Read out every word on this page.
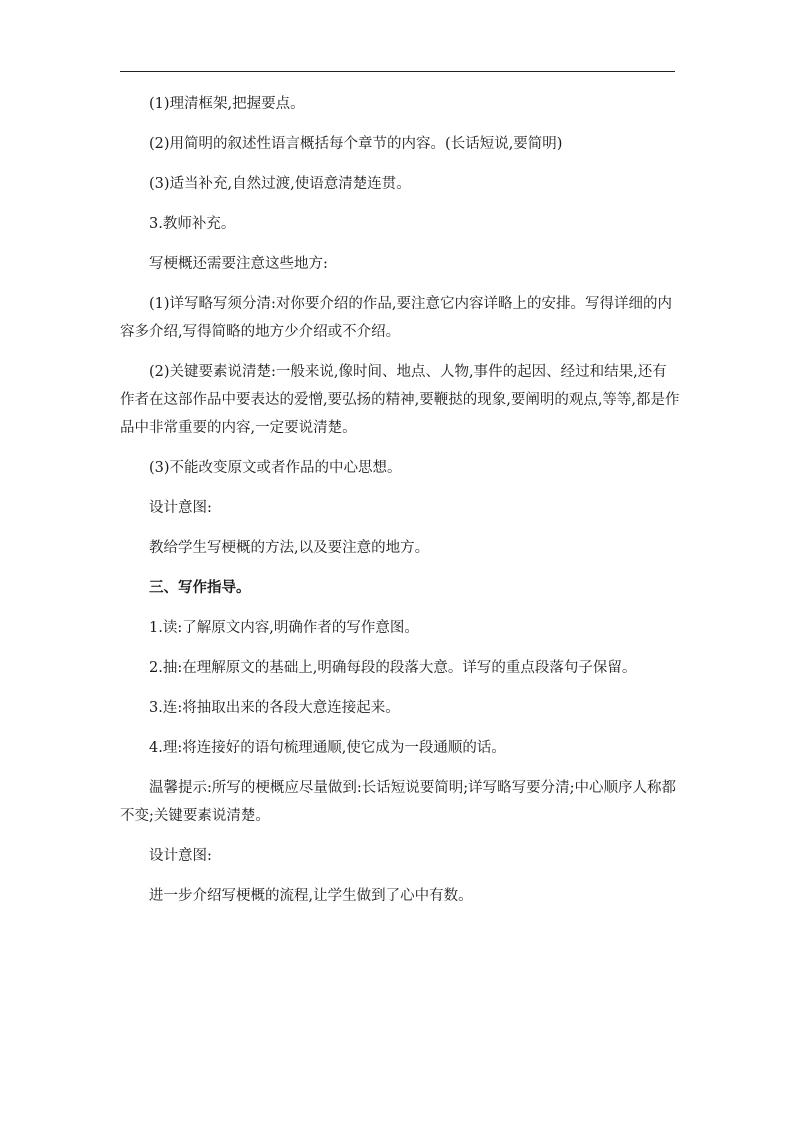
(1)理清框架,把握要点。

(2)用简明的叙述性语言概括每个章节的内容。(长话短说,要简明)

(3)适当补充,自然过渡,使语意清楚连贯。

3.教师补充。

写梗概还需要注意这些地方:

(1)详写略写须分清:对你要介绍的作品,要注意它内容详略上的安排。写得详细的内容多介绍,写得简略的地方少介绍或不介绍。

(2)关键要素说清楚:一般来说,像时间、地点、人物,事件的起因、经过和结果,还有作者在这部作品中要表达的爱憎,要弘扬的精神,要鞭挞的现象,要阐明的观点,等等,都是作品中非常重要的内容,一定要说清楚。

(3)不能改变原文或者作品的中心思想。

设计意图:

教给学生写梗概的方法,以及要注意的地方。

三、写作指导。

1.读:了解原文内容,明确作者的写作意图。

2.抽:在理解原文的基础上,明确每段的段落大意。详写的重点段落句子保留。

3.连:将抽取出来的各段大意连接起来。

4.理:将连接好的语句梳理通顺,使它成为一段通顺的话。

温馨提示:所写的梗概应尽量做到:长话短说要简明;详写略写要分清;中心顺序人称都不变;关键要素说清楚。

设计意图:

进一步介绍写梗概的流程,让学生做到了心中有数。
